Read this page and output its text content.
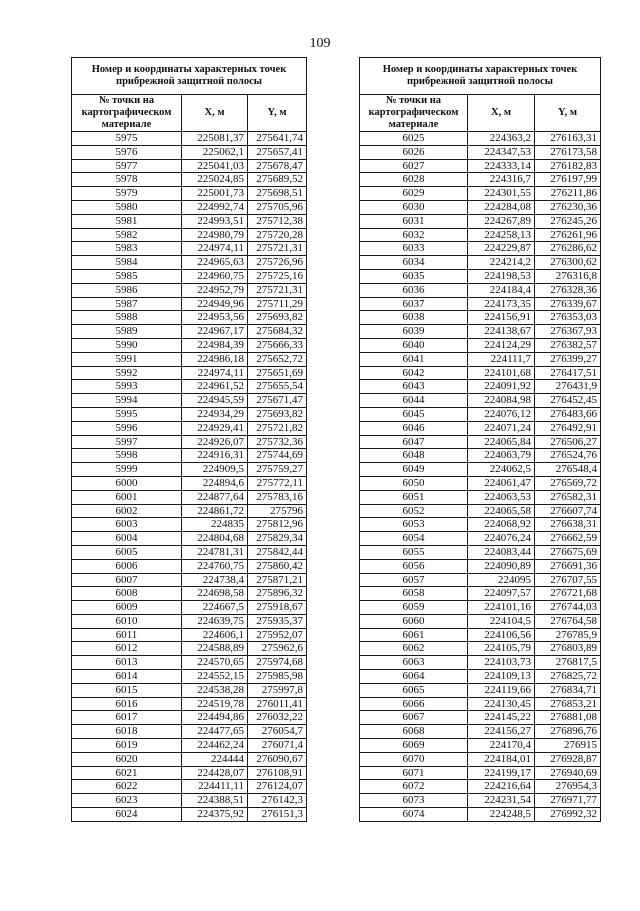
109
Номер и координаты характерных точек прибрежной защитной полосы		
№ точки на картографическом материале	X, м	Y, м
5975	225081,37	275641,74
5976	225062,1	275657,41
5977	225041,03	275678,47
5978	225024,85	275689,52
5979	225001,73	275698,51
5980	224992,74	275705,96
5981	224993,51	275712,38
5982	224980,79	275720,28
5983	224974,11	275721,31
5984	224965,63	275726,96
5985	224960,75	275725,16
5986	224952,79	275721,31
5987	224949,96	275711,29
5988	224953,56	275693,82
5989	224967,17	275684,32
5990	224984,39	275666,33
5991	224986,18	275652,72
5992	224974,11	275651,69
5993	224961,52	275655,54
5994	224945,59	275671,47
5995	224934,29	275693,82
5996	224929,41	275721,82
5997	224926,07	275732,36
5998	224916,31	275744,69
5999	224909,5	275759,27
6000	224894,6	275772,11
6001	224877,64	275783,16
6002	224861,72	275796
6003	224835	275812,96
6004	224804,68	275829,34
6005	224781,31	275842,44
6006	224760,75	275860,42
6007	224738,4	275871,21
6008	224698,58	275896,32
6009	224667,5	275918,67
6010	224639,75	275935,37
6011	224606,1	275952,07
6012	224588,89	275962,6
6013	224570,65	275974,68
6014	224552,15	275985,98
6015	224538,28	275997,8
6016	224519,78	276011,41
6017	224494,86	276032,22
6018	224477,65	276054,7
6019	224462,24	276071,4
6020	224444	276090,67
6021	224428,07	276108,91
6022	224411,11	276124,07
6023	224388,51	276142,3
6024	224375,92	276151,3
Номер и координаты характерных точек прибрежной защитной полосы		
№ точки на картографическом материале	X, м	Y, м
6025	224363,2	276163,31
6026	224347,53	276173,58
6027	224333,14	276182,83
6028	224316,7	276197,99
6029	224301,55	276211,86
6030	224284,08	276230,36
6031	224267,89	276245,26
6032	224258,13	276261,96
6033	224229,87	276286,62
6034	224214,2	276300,62
6035	224198,53	276316,8
6036	224184,4	276328,36
6037	224173,35	276339,67
6038	224156,91	276353,03
6039	224138,67	276367,93
6040	224124,29	276382,57
6041	224111,7	276399,27
6042	224101,68	276417,51
6043	224091,92	276431,9
6044	224084,98	276452,45
6045	224076,12	276483,66
6046	224071,24	276492,91
6047	224065,84	276506,27
6048	224063,79	276524,76
6049	224062,5	276548,4
6050	224061,47	276569,72
6051	224063,53	276582,31
6052	224065,58	276607,74
6053	224068,92	276638,31
6054	224076,24	276662,59
6055	224083,44	276675,69
6056	224090,89	276691,36
6057	224095	276707,55
6058	224097,57	276721,68
6059	224101,16	276744,03
6060	224104,5	276764,58
6061	224106,56	276785,9
6062	224105,79	276803,89
6063	224103,73	276817,5
6064	224109,13	276825,72
6065	224119,66	276834,71
6066	224130,45	276853,21
6067	224145,22	276881,08
6068	224156,27	276896,76
6069	224170,4	276915
6070	224184,01	276928,87
6071	224199,17	276940,69
6072	224216,64	276954,3
6073	224231,54	276971,77
6074	224248,5	276992,32
